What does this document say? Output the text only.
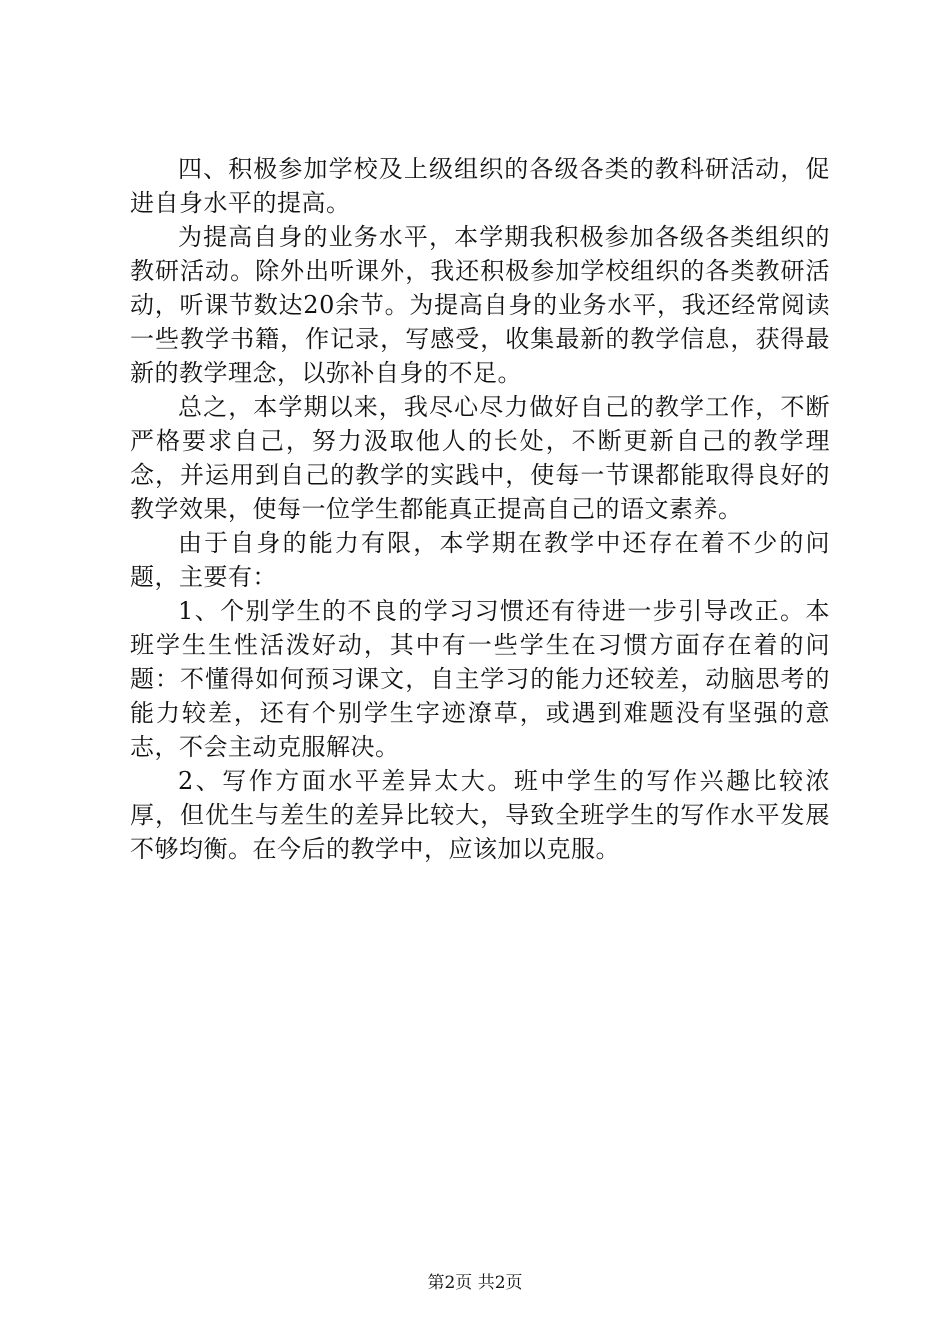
四、积极参加学校及上级组织的各级各类的教科研活动，促进自身水平的提高。

为提高自身的业务水平，本学期我积极参加各级各类组织的教研活动。除外出听课外，我还积极参加学校组织的各类教研活动，听课节数达20余节。为提高自身的业务水平，我还经常阅读一些教学书籍，作记录，写感受，收集最新的教学信息，获得最新的教学理念，以弥补自身的不足。

总之，本学期以来，我尽心尽力做好自己的教学工作，不断严格要求自己，努力汲取他人的长处，不断更新自己的教学理念，并运用到自己的教学的实践中，使每一节课都能取得良好的教学效果，使每一位学生都能真正提高自己的语文素养。

由于自身的能力有限，本学期在教学中还存在着不少的问题，主要有：

1、个别学生的不良的学习习惯还有待进一步引导改正。本班学生生性活泼好动，其中有一些学生在习惯方面存在着的问题：不懂得如何预习课文，自主学习的能力还较差，动脑思考的能力较差，还有个别学生字迹潦草，或遇到难题没有坚强的意志，不会主动克服解决。

2、写作方面水平差异太大。班中学生的写作兴趣比较浓厚，但优生与差生的差异比较大，导致全班学生的写作水平发展不够均衡。在今后的教学中，应该加以克服。

第2页 共2页
